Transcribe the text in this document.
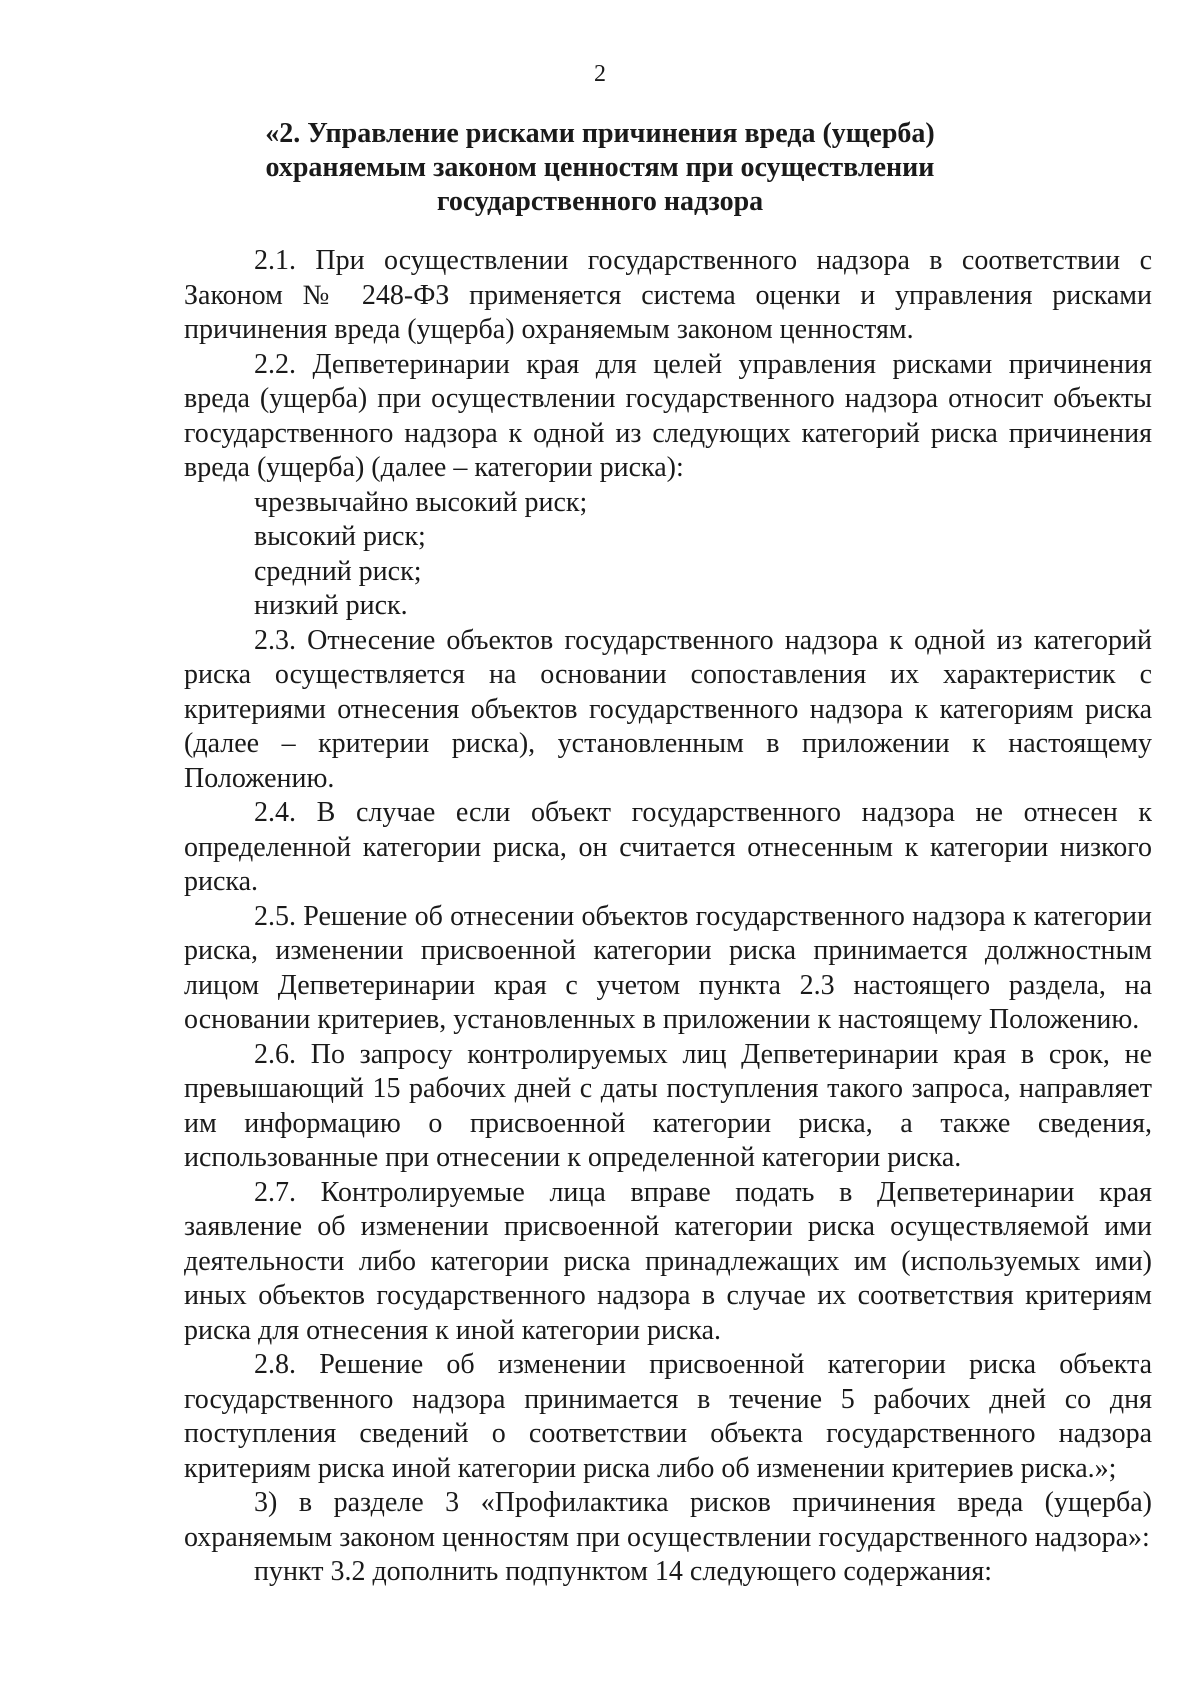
2
«2. Управление рисками причинения вреда (ущерба)
охраняемым законом ценностям при осуществлении
государственного надзора

2.1. При осуществлении государственного надзора в соответствии с Законом № 248-ФЗ применяется система оценки и управления рисками причинения вреда (ущерба) охраняемым законом ценностям.

2.2. Депветеринарии края для целей управления рисками причинения вреда (ущерба) при осуществлении государственного надзора относит объекты государственного надзора к одной из следующих категорий риска причинения вреда (ущерба) (далее – категории риска):

чрезвычайно высокий риск;

высокий риск;

средний риск;

низкий риск.

2.3. Отнесение объектов государственного надзора к одной из категорий риска осуществляется на основании сопоставления их характеристик с критериями отнесения объектов государственного надзора к категориям риска (далее – критерии риска), установленным в приложении к настоящему Положению.

2.4. В случае если объект государственного надзора не отнесен к определенной категории риска, он считается отнесенным к категории низкого риска.

2.5. Решение об отнесении объектов государственного надзора к категории риска, изменении присвоенной категории риска принимается должностным лицом Депветеринарии края с учетом пункта 2.3 настоящего раздела, на основании критериев, установленных в приложении к настоящему Положению.

2.6. По запросу контролируемых лиц Депветеринарии края в срок, не превышающий 15 рабочих дней с даты поступления такого запроса, направляет им информацию о присвоенной категории риска, а также сведения, использованные при отнесении к определенной категории риска.

2.7. Контролируемые лица вправе подать в Депветеринарии края заявление об изменении присвоенной категории риска осуществляемой ими деятельности либо категории риска принадлежащих им (используемых ими) иных объектов государственного надзора в случае их соответствия критериям риска для отнесения к иной категории риска.

2.8. Решение об изменении присвоенной категории риска объекта государственного надзора принимается в течение 5 рабочих дней со дня поступления сведений о соответствии объекта государственного надзора критериям риска иной категории риска либо об изменении критериев риска.»;

3) в разделе 3 «Профилактика рисков причинения вреда (ущерба) охраняемым законом ценностям при осуществлении государственного надзора»:

пункт 3.2 дополнить подпунктом 14 следующего содержания:
